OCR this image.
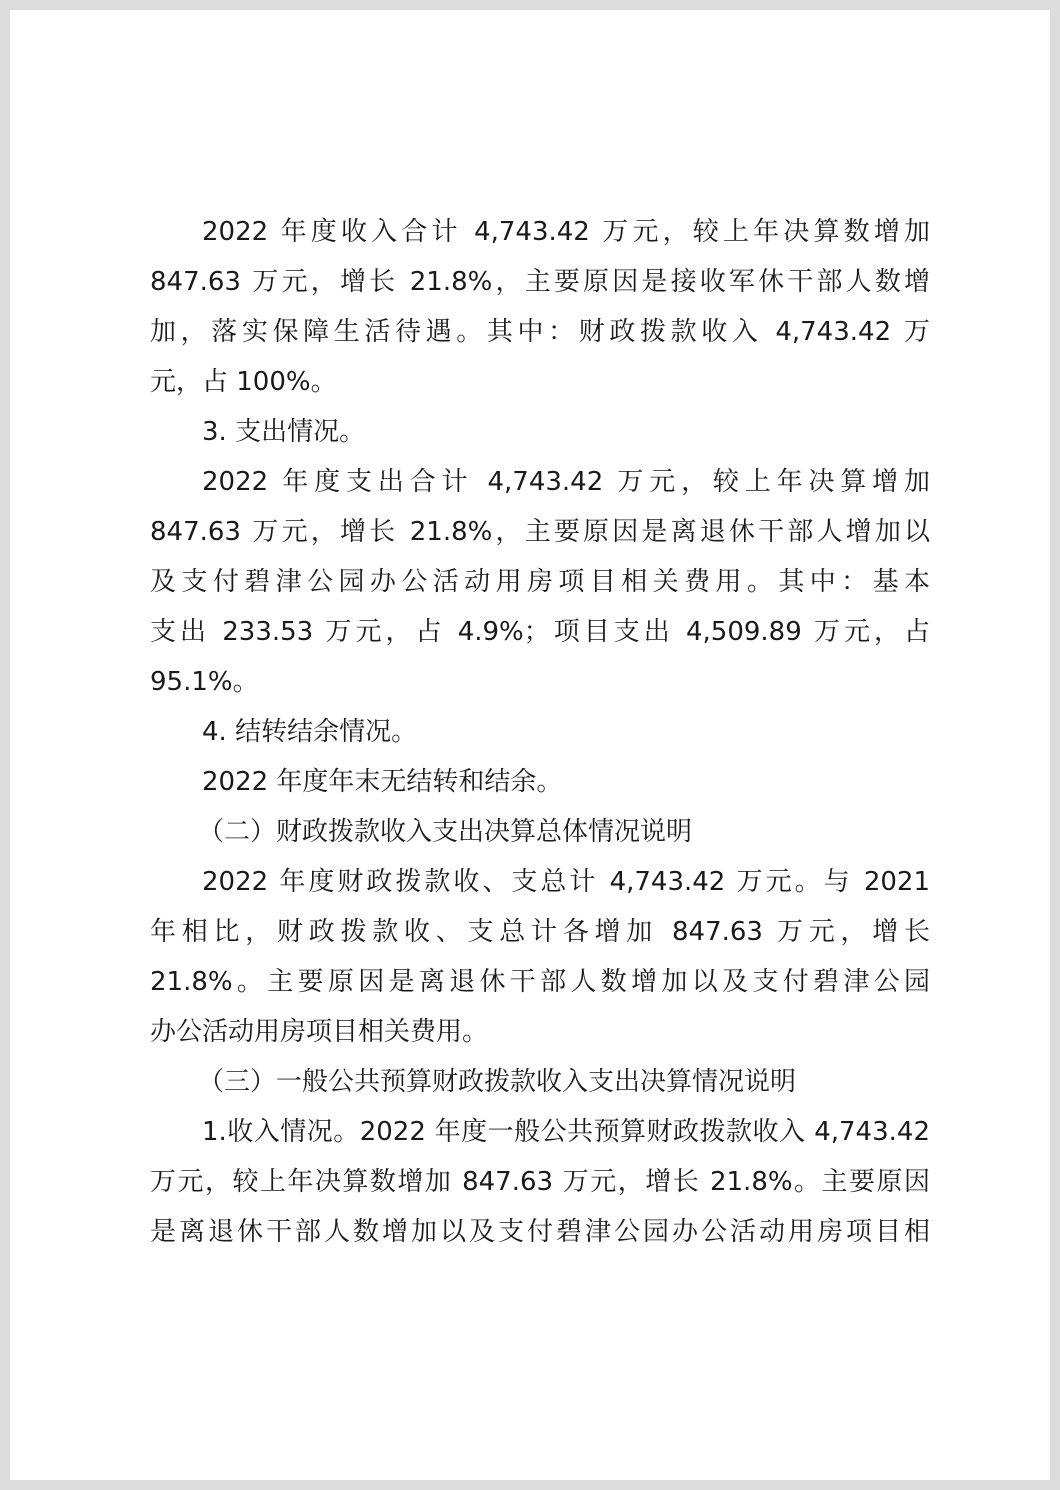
2022 年度收入合计 4,743.42 万元，较上年决算数增加
847.63 万元，增长 21.8%，主要原因是接收军休干部人数增
加，落实保障生活待遇。其中：财政拨款收入 4,743.42 万
元，占 100%。
3. 支出情况。
2022 年度支出合计 4,743.42 万元，较上年决算增加
847.63 万元，增长 21.8%，主要原因是离退休干部人增加以
及支付碧津公园办公活动用房项目相关费用。其中：基本
支出 233.53 万元，占 4.9%；项目支出 4,509.89 万元，占
95.1%。
4. 结转结余情况。
2022 年度年末无结转和结余。
（二）财政拨款收入支出决算总体情况说明
2022 年度财政拨款收、支总计 4,743.42 万元。与 2021
年相比，财政拨款收、支总计各增加 847.63 万元，增长
21.8%。主要原因是离退休干部人数增加以及支付碧津公园
办公活动用房项目相关费用。
（三）一般公共预算财政拨款收入支出决算情况说明
1.收入情况。2022 年度一般公共预算财政拨款收入 4,743.42
万元，较上年决算数增加 847.63 万元，增长 21.8%。主要原因
是离退休干部人数增加以及支付碧津公园办公活动用房项目相
